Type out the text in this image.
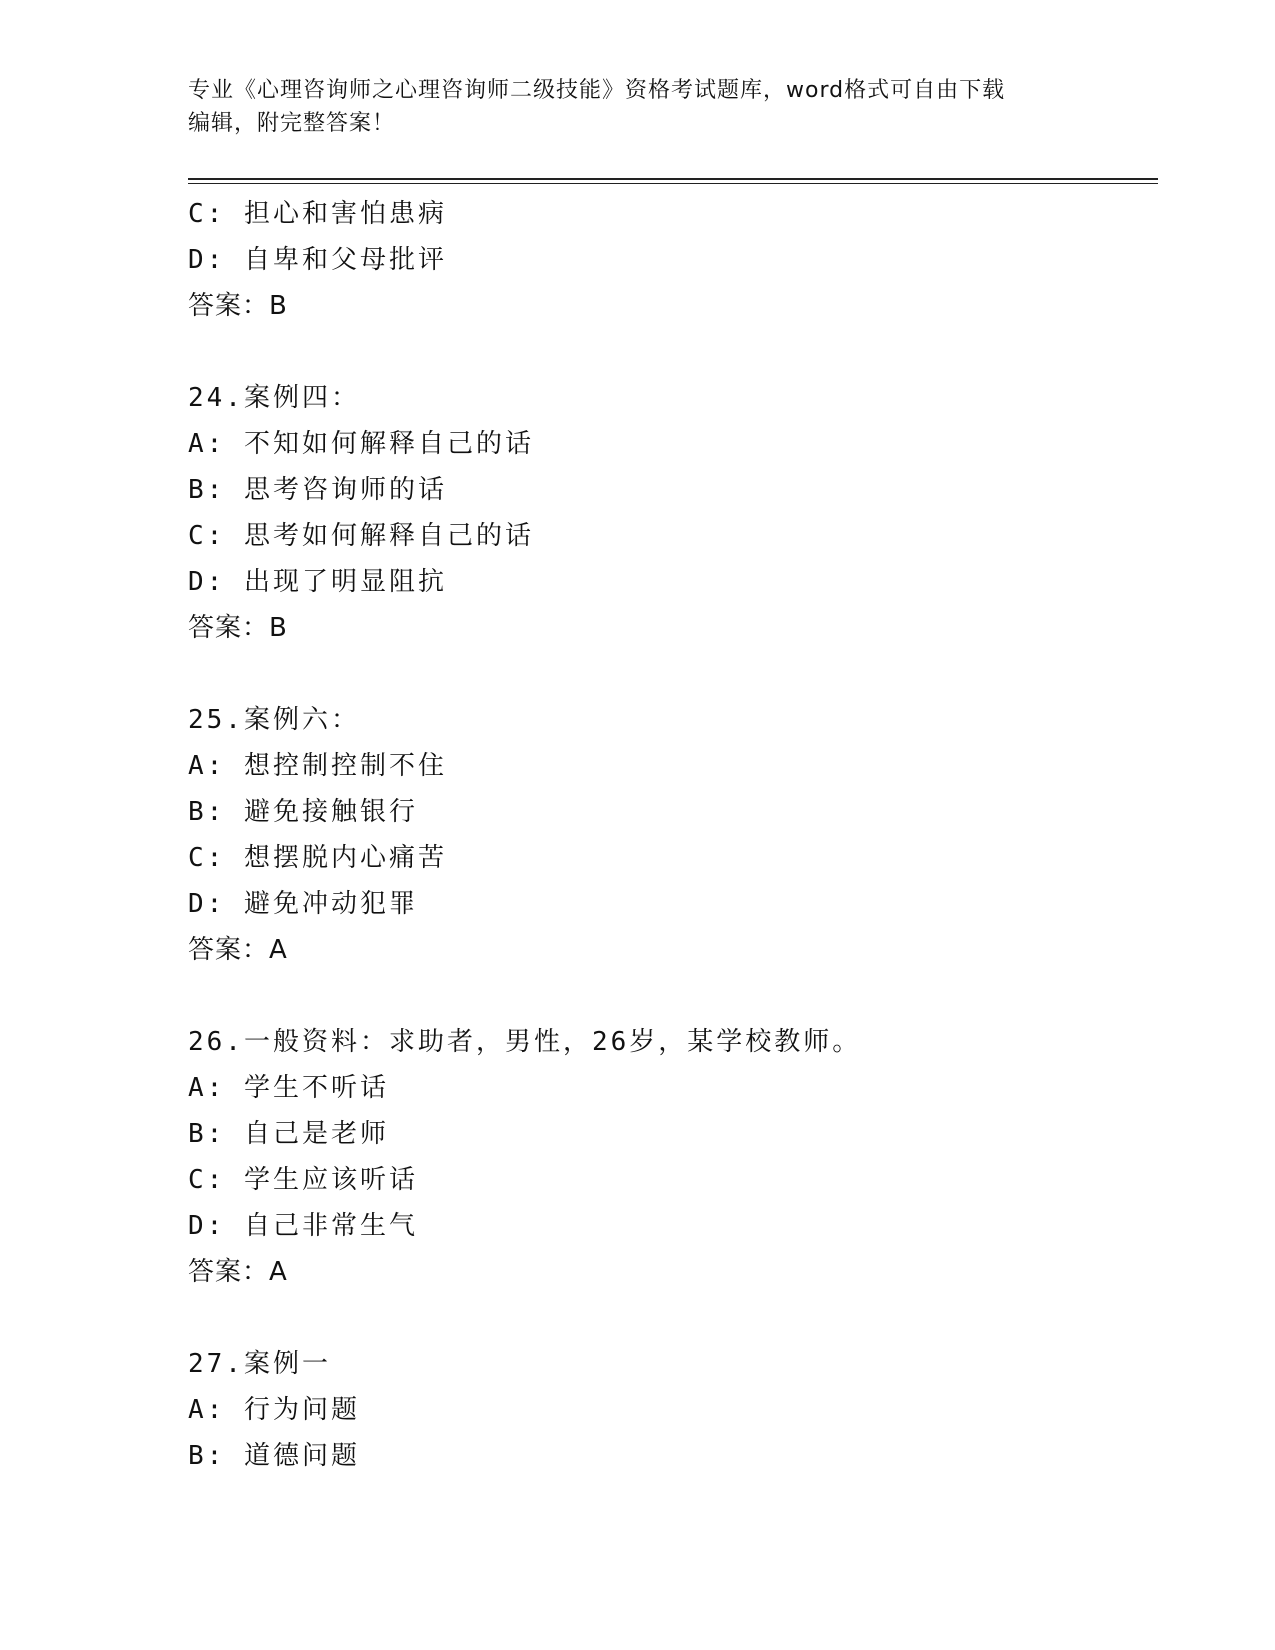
专业《心理咨询师之心理咨询师二级技能》资格考试题库，word格式可自由下载
编辑，附完整答案！
C: 担心和害怕患病
D: 自卑和父母批评
答案：B
24.案例四：
A: 不知如何解释自己的话
B: 思考咨询师的话
C: 思考如何解释自己的话
D: 出现了明显阻抗
答案：B
25.案例六：
A: 想控制控制不住
B: 避免接触银行
C: 想摆脱内心痛苦
D: 避免冲动犯罪
答案：A
26.一般资料：求助者，男性，26岁，某学校教师。
A: 学生不听话
B: 自己是老师
C: 学生应该听话
D: 自己非常生气
答案：A
27.案例一
A: 行为问题
B: 道德问题
